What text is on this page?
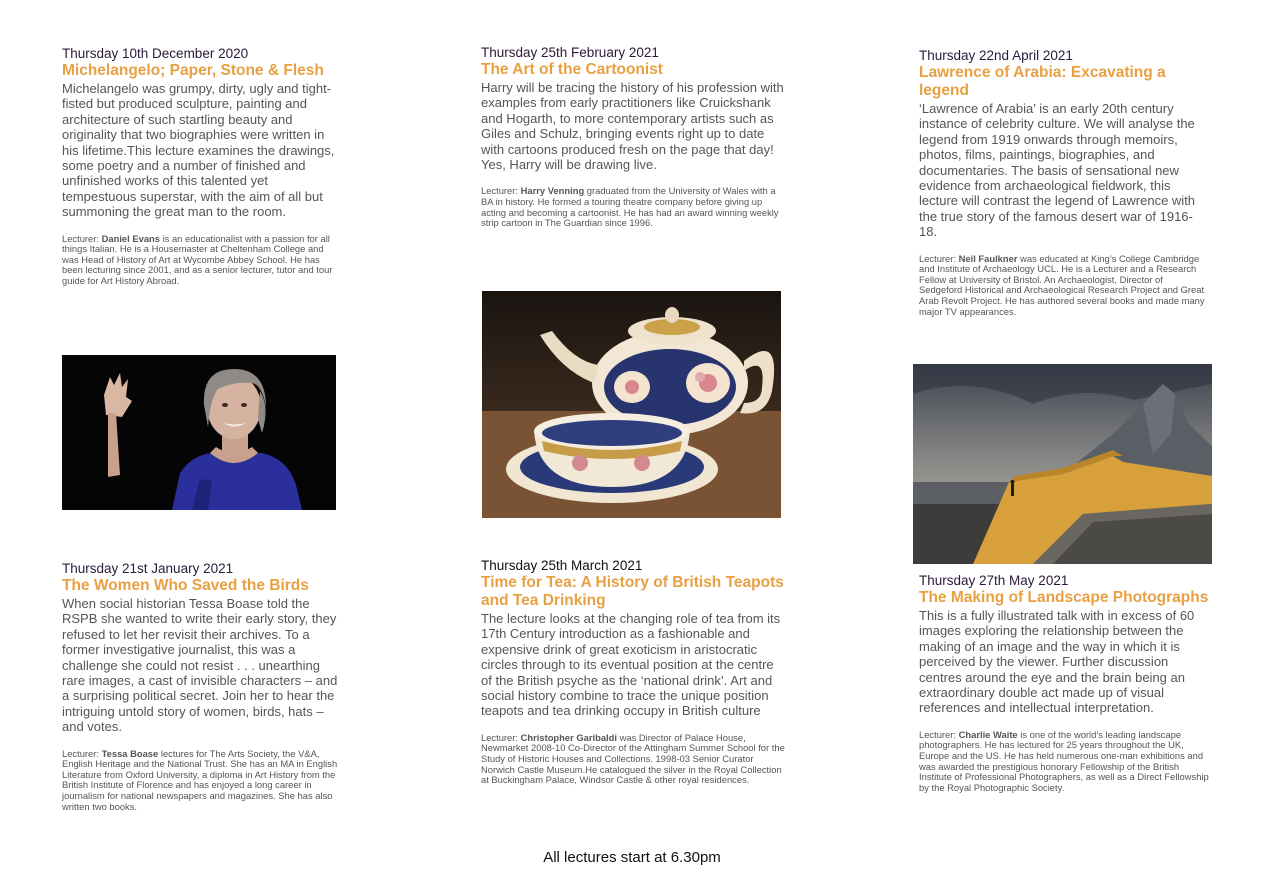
Thursday 10th December 2020
Michelangelo; Paper, Stone & Flesh
Michelangelo was grumpy, dirty, ugly and tight-fisted but produced sculpture, painting and architecture of such startling beauty and originality that two biographies were written in his lifetime.This lecture examines the drawings, some poetry and a number of finished and unfinished works of this talented yet tempestuous superstar, with the aim of all but summoning the great man to the room.
Lecturer: Daniel Evans is an educationalist with a passion for all things Italian. He is a Housemaster at Cheltenham College and was Head of History of Art at Wycombe Abbey School. He has been lecturing since 2001, and as a senior lecturer, tutor and tour guide for Art History Abroad.
Thursday 21st January 2021
The Women Who Saved the Birds
When social historian Tessa Boase told the RSPB she wanted to write their early story, they refused to let her revisit their archives. To a former investigative journalist, this was a challenge she could not resist . . . unearthing rare images, a cast of invisible characters – and a surprising political secret. Join her to hear the intriguing untold story of women, birds, hats – and votes.
Lecturer: Tessa Boase lectures for The Arts Society, the V&A, English Heritage and the National Trust. She has an MA in English Literature from Oxford University, a diploma in Art History from the British Institute of Florence and has enjoyed a long career in journalism for national newspapers and magazines. She has also written two books.
Thursday 25th February 2021
The Art of the Cartoonist
Harry will be tracing the history of his profession with examples from early practitioners like Cruickshank and Hogarth, to more contemporary artists such as Giles and Schulz, bringing events right up to date with cartoons produced fresh on the page that day! Yes, Harry will be drawing live.
Lecturer: Harry Venning graduated from the University of Wales with a BA in history. He formed a touring theatre company before giving up acting and becoming a cartoonist. He has had an award winning weekly strip cartoon in The Guardian since 1996.
Thursday 25th March 2021
Time for Tea: A History of British Teapots and Tea Drinking
The lecture looks at the changing role of tea from its 17th Century introduction as a fashionable and expensive drink of great exoticism in aristocratic circles through to its eventual position at the centre of the British psyche as the ‘national drink’. Art and social history combine to trace the unique position teapots and tea drinking occupy in British culture
Lecturer: Christopher Garibaldi was Director of Palace House, Newmarket 2008-10 Co-Director of the Attingham Summer School for the Study of Historic Houses and Collections. 1998-03 Senior Curator Norwich Castle Museum.He catalogued the silver in the Royal Collection at Buckingham Palace, Windsor Castle & other royal residences.
Thursday 22nd April 2021
Lawrence of Arabia: Excavating a legend
‘Lawrence of Arabia’ is an early 20th century instance of celebrity culture. We will analyse the legend from 1919 onwards through memoirs, photos, films, paintings, biographies, and documentaries. The basis of sensational new evidence from archaeological fieldwork, this lecture will contrast the legend of Lawrence with the true story of the famous desert war of 1916-18.
Lecturer: Neil Faulkner was educated at King’s College Cambridge and Institute of Archaeology UCL. He is a Lecturer and a Research Fellow at University of Bristol. An Archaeologist, Director of Sedgeford Historical and Archaeological Research Project and Great Arab Revolt Project. He has authored several books and made many major TV appearances.
Thursday 27th May 2021
The Making of Landscape Photographs
This is a fully illustrated talk with in excess of 60 images exploring the relationship between the making of an image and the way in which it is perceived by the viewer. Further discussion centres around the eye and the brain being an extraordinary double act made up of visual references and intellectual interpretation.
Lecturer: Charlie Waite is one of the world’s leading landscape photographers. He has lectured for 25 years throughout the UK, Europe and the US. He has held numerous one-man exhibitions and was awarded the prestigious honorary Fellowship of the British Institute of Professional Photographers, as well as a Direct Fellowship by the Royal Photographic Society.
All lectures start at 6.30pm
